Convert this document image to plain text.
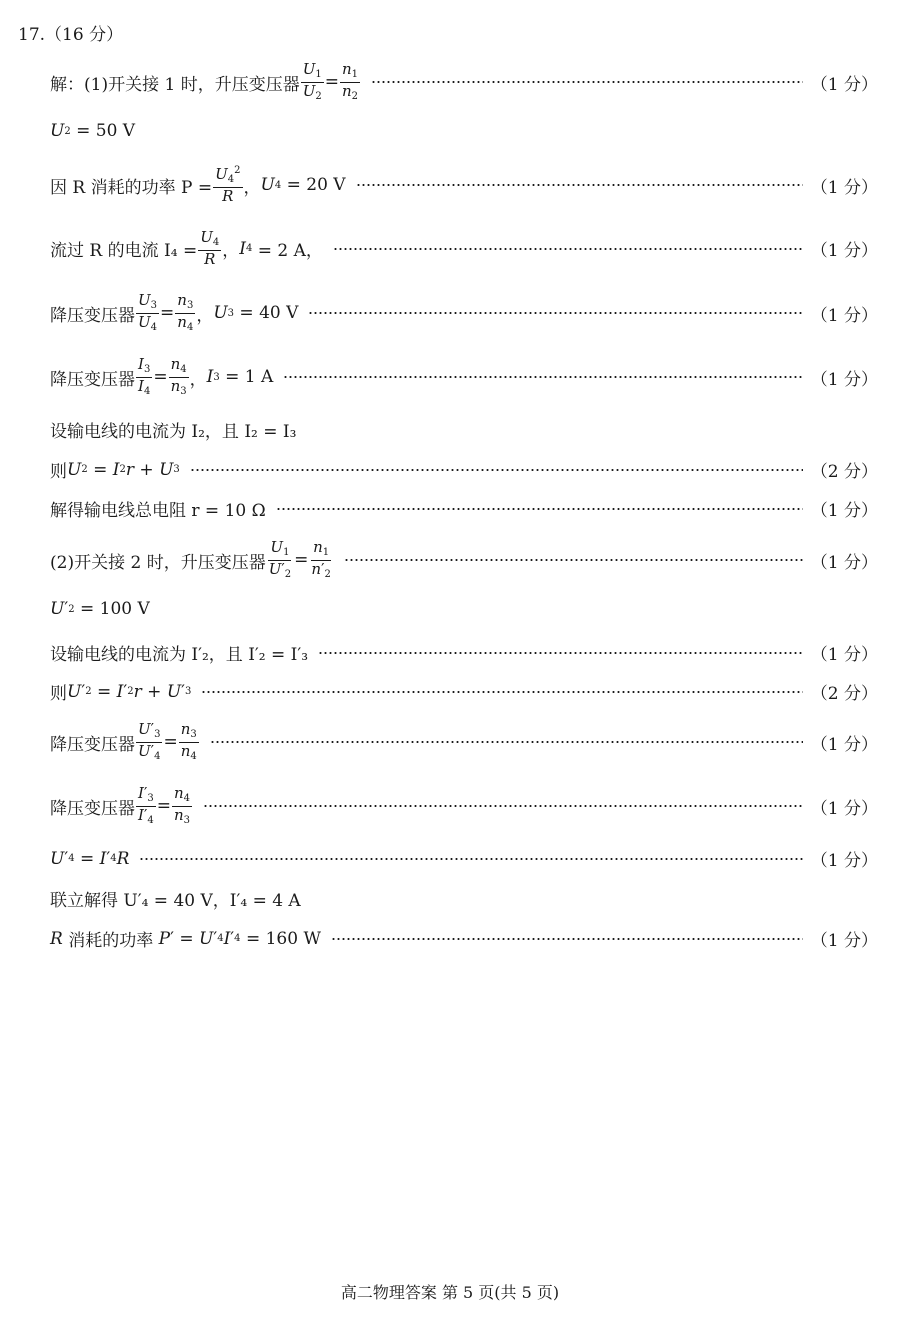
17.（16 分）
解：(1)开关接 1 时，升压变压器 $\frac{U_1}{U_2} = \frac{n_1}{n_2}$	（1 分）
U 2 = 50 V
因 R 消耗的功率 $P = \frac{U_4^2}{R}$ ， U 4 = 20 V	（1 分）
流过 R 的电流 $I_4 = \frac{U_4}{R}$ ， I 4 = 2 A，	（1 分）
降压变压器 $\frac{U_3}{U_4} = \frac{n_3}{n_4}$ ， U 3 = 40 V	（1 分）
降压变压器 $\frac{I_3}{I_4} = \frac{n_4}{n_3}$ ， I 3 = 1 A	（1 分）
设输电线的电流为 I₂，且 I₂ = I₃
则 U 2 = I 2 r + U 3	（2 分）
解得输电线总电阻 r = 10 Ω	（1 分）
(2)开关接 2 时，升压变压器 $\frac{U_1}{U'_2} = \frac{n_1}{n'_2}$	（1 分）
U ′ 2 = 100 V
设输电线的电流为 I′₂，且 I′₂ = I′₃	（1 分）
则 U ′ 2 = I ′ 2 r + U ′ 3	（2 分）
降压变压器 $\frac{U'_3}{U'_4} = \frac{n_3}{n_4}$	（1 分）
降压变压器 $\frac{I'_3}{I'_4} = \frac{n_4}{n_3}$	（1 分）
U ′ 4 = I ′ 4 R	（1 分）
联立解得 U′₄ = 40 V，I′₄ = 4 A
R 消耗的功率 P ′ = U ′ 4 I ′ 4 = 160 W	（1 分）
高二物理答案 第 5 页(共 5 页)
